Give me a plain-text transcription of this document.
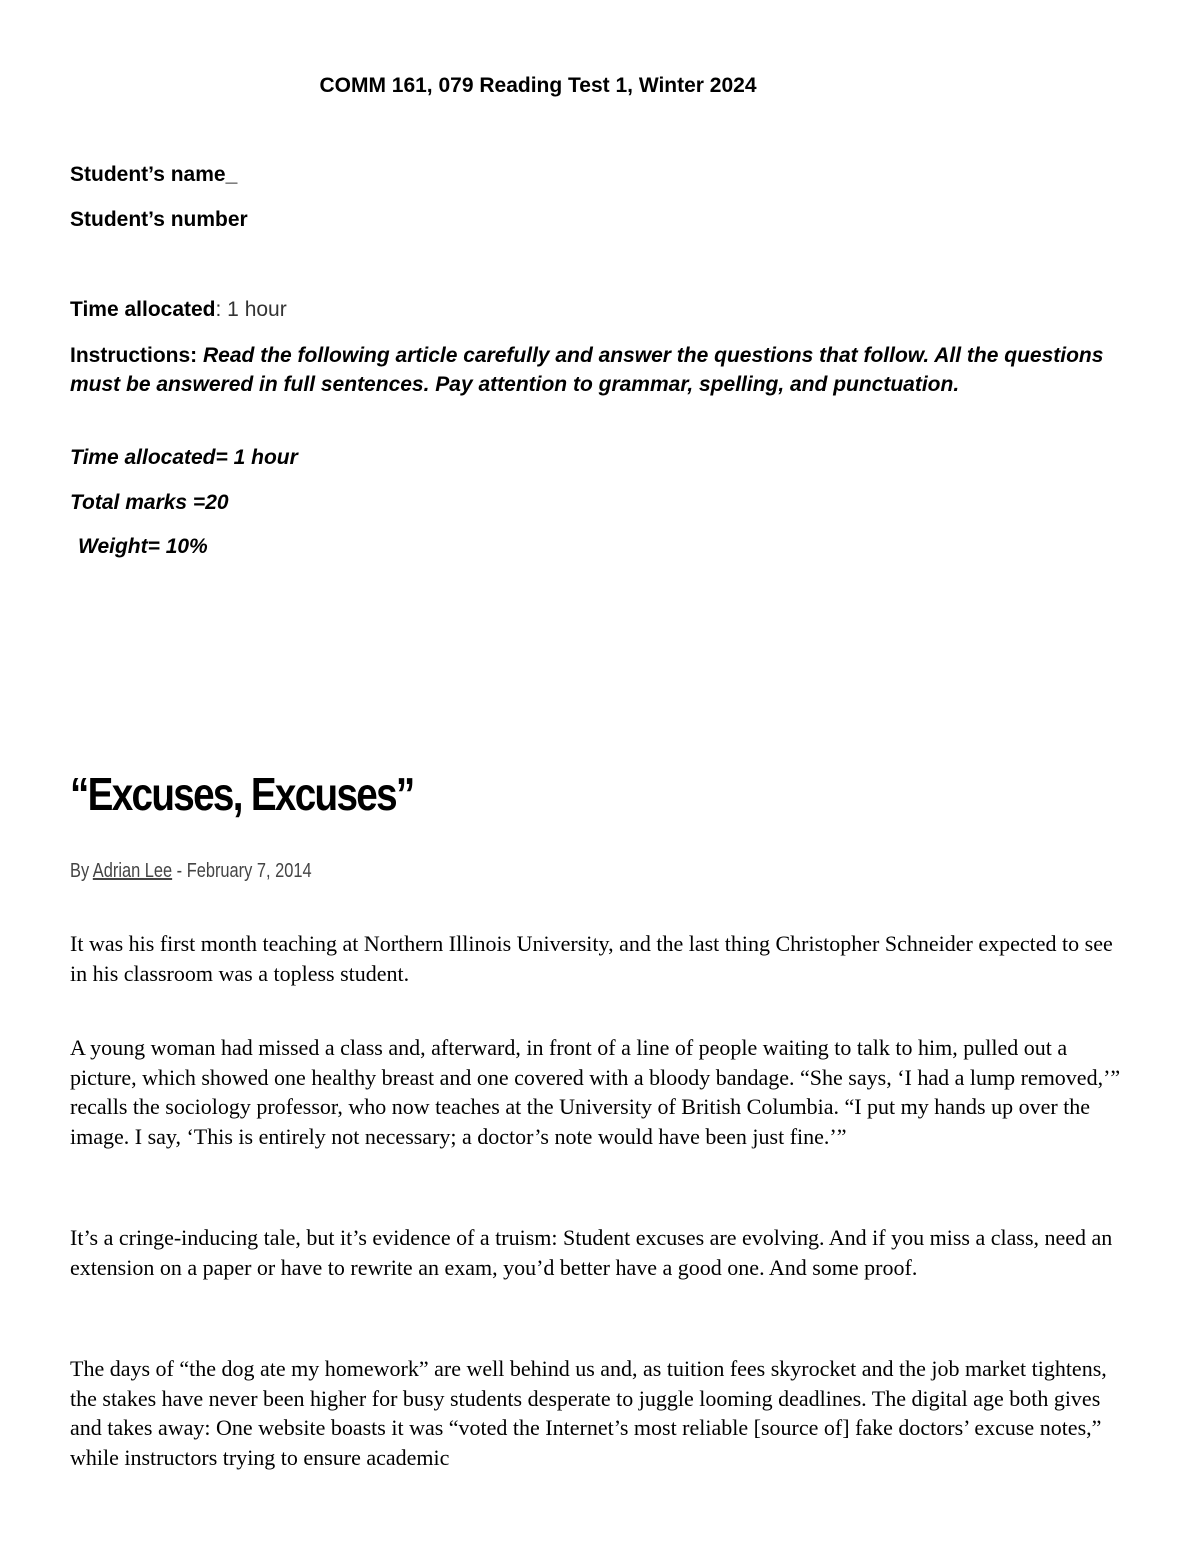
COMM 161, 079 Reading Test 1, Winter 2024
Student’s name_
Student’s number
Time allocated: 1 hour
Instructions: Read the following article carefully and answer the questions that follow. All the questions must be answered in full sentences. Pay attention to grammar, spelling, and punctuation.
Time allocated= 1 hour
Total marks =20
Weight= 10%
“Excuses, Excuses”
By Adrian Lee - February 7, 2014

It was his first month teaching at Northern Illinois University, and the last thing Christopher Schneider expected to see in his classroom was a topless student.

A young woman had missed a class and, afterward, in front of a line of people waiting to talk to him, pulled out a picture, which showed one healthy breast and one covered with a bloody bandage. “She says, ‘I had a lump removed,’” recalls the sociology professor, who now teaches at the University of British Columbia. “I put my hands up over the image. I say, ‘This is entirely not necessary; a doctor’s note would have been just fine.’”

It’s a cringe-inducing tale, but it’s evidence of a truism: Student excuses are evolving. And if you miss a class, need an extension on a paper or have to rewrite an exam, you’d better have a good one. And some proof.

The days of “the dog ate my homework” are well behind us and, as tuition fees skyrocket and the job market tightens, the stakes have never been higher for busy students desperate to juggle looming deadlines. The digital age both gives and takes away: One website boasts it was “voted the Internet’s most reliable [source of] fake doctors’ excuse notes,” while instructors trying to ensure academic
